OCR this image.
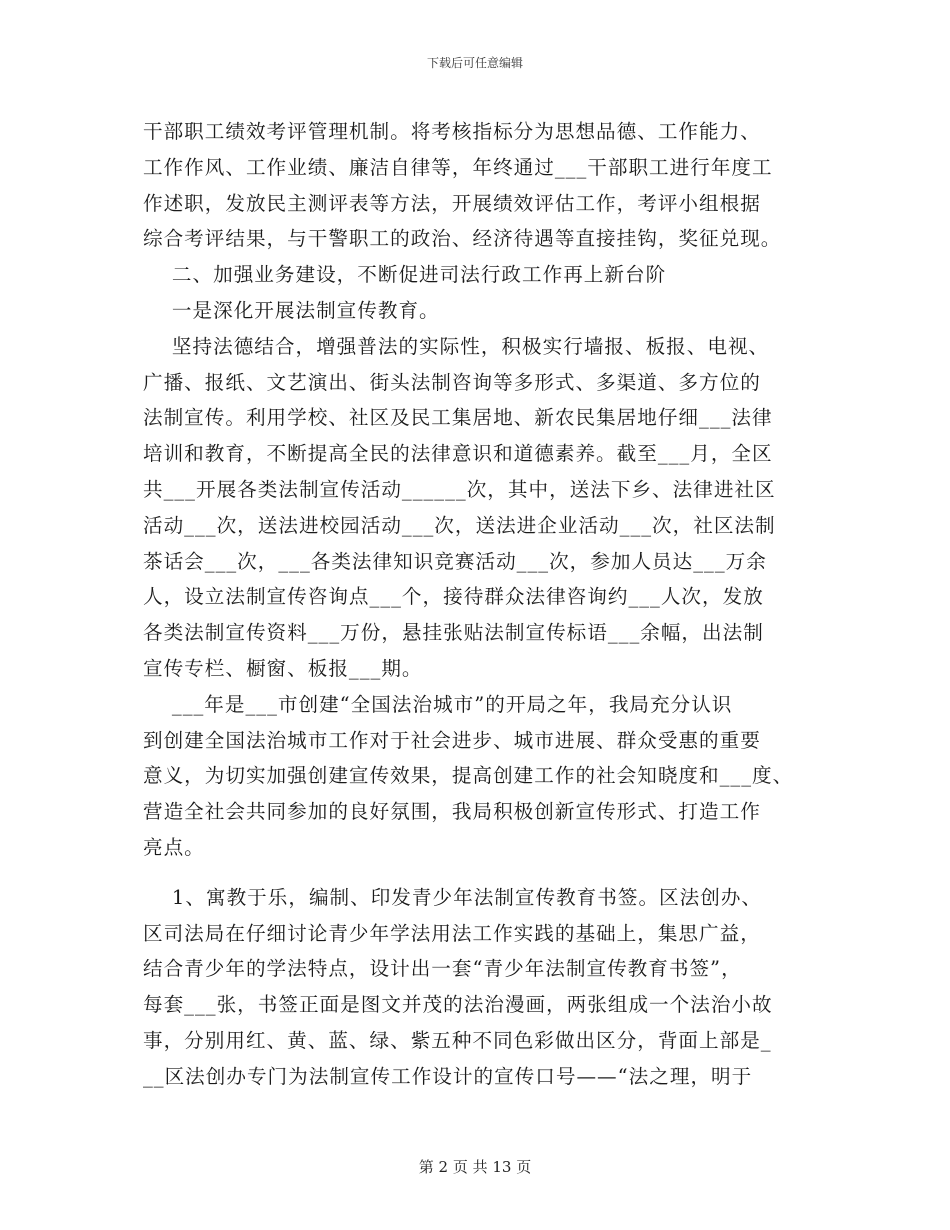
下载后可任意编辑
干部职工绩效考评管理机制。将考核指标分为思想品德、工作能力、
工作作风、工作业绩、廉洁自律等，年终通过___干部职工进行年度工
作述职，发放民主测评表等方法，开展绩效评估工作，考评小组根据
综合考评结果，与干警职工的政治、经济待遇等直接挂钩，奖征兑现。
二、加强业务建设，不断促进司法行政工作再上新台阶
一是深化开展法制宣传教育。
坚持法德结合，增强普法的实际性，积极实行墙报、板报、电视、
广播、报纸、文艺演出、街头法制咨询等多形式、多渠道、多方位的
法制宣传。利用学校、社区及民工集居地、新农民集居地仔细___法律
培训和教育，不断提高全民的法律意识和道德素养。截至___月，全区
共___开展各类法制宣传活动______次，其中，送法下乡、法律进社区
活动___次，送法进校园活动___次，送法进企业活动___次，社区法制
茶话会___次，___各类法律知识竞赛活动___次，参加人员达___万余
人，设立法制宣传咨询点___个，接待群众法律咨询约___人次，发放
各类法制宣传资料___万份，悬挂张贴法制宣传标语___余幅，出法制
宣传专栏、橱窗、板报___期。
___年是___市创建“全国法治城市”的开局之年，我局充分认识
到创建全国法治城市工作对于社会进步、城市进展、群众受惠的重要
意义，为切实加强创建宣传效果，提高创建工作的社会知晓度和___度、
营造全社会共同参加的良好氛围，我局积极创新宣传形式、打造工作
亮点。
1、寓教于乐，编制、印发青少年法制宣传教育书签。区法创办、
区司法局在仔细讨论青少年学法用法工作实践的基础上，集思广益，
结合青少年的学法特点，设计出一套“青少年法制宣传教育书签”，
每套___张，书签正面是图文并茂的法治漫画，两张组成一个法治小故
事，分别用红、黄、蓝、绿、紫五种不同色彩做出区分，背面上部是_
__区法创办专门为法制宣传工作设计的宣传口号——“法之理，明于
第 2 页 共 13 页
